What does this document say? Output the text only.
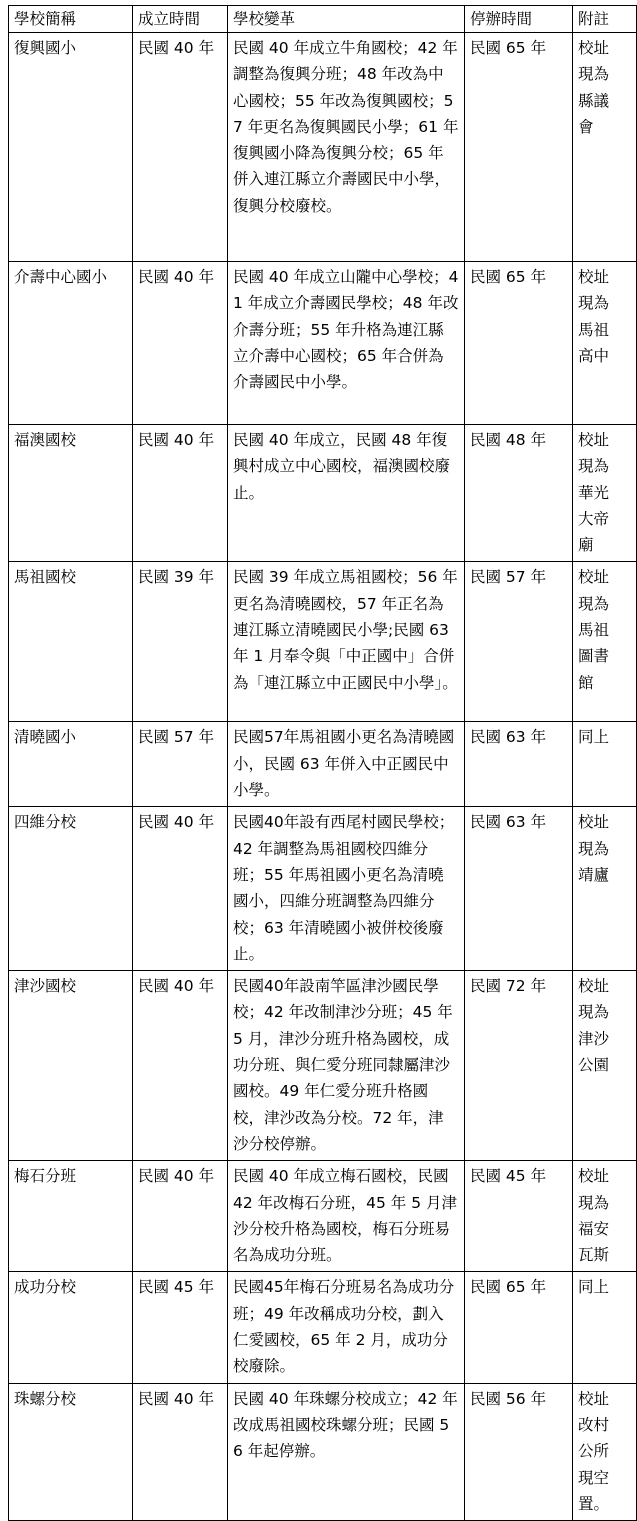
學校簡稱	成立時間	學校變革	停辦時間	附註
復興國小	民國 40 年	民國 40 年成立牛角國校；42 年調整為復興分班；48 年改為中心國校；55 年改為復興國校；57 年更名為復興國民小學；61 年復興國小降為復興分校；65 年併入連江縣立介壽國民中小學，復興分校廢校。	民國 65 年	校址現為縣議會
介壽中心國小	民國 40 年	民國 40 年成立山隴中心學校；41 年成立介壽國民學校；48 年改介壽分班；55 年升格為連江縣立介壽中心國校；65 年合併為介壽國民中小學。	民國 65 年	校址現為馬祖高中
福澳國校	民國 40 年	民國 40 年成立，民國 48 年復興村成立中心國校，福澳國校廢止。	民國 48 年	校址現為華光大帝廟
馬祖國校	民國 39 年	民國 39 年成立馬祖國校；56 年更名為清曉國校，57 年正名為連江縣立清曉國民小學;民國 63 年 1 月奉令與「中正國中」合併為「連江縣立中正國民中小學」。	民國 57 年	校址現為馬祖圖書館
清曉國小	民國 57 年	民國57年馬祖國小更名為清曉國小，民國 63 年併入中正國民中小學。	民國 63 年	同上
四維分校	民國 40 年	民國40年設有西尾村國民學校；42 年調整為馬祖國校四維分班；55 年馬祖國小更名為清曉國小，四維分班調整為四維分校；63 年清曉國小被併校後廢止。	民國 63 年	校址現為靖廬
津沙國校	民國 40 年	民國40年設南竿區津沙國民學校；42 年改制津沙分班；45 年 5 月，津沙分班升格為國校，成功分班、與仁愛分班同隸屬津沙國校。49 年仁愛分班升格國校，津沙改為分校。72 年，津沙分校停辦。	民國 72 年	校址現為津沙公園
梅石分班	民國 40 年	民國 40 年成立梅石國校，民國 42 年改梅石分班，45 年 5 月津沙分校升格為國校，梅石分班易名為成功分班。	民國 45 年	校址現為福安瓦斯
成功分校	民國 45 年	民國45年梅石分班易名為成功分班；49 年改稱成功分校，劃入仁愛國校，65 年 2 月，成功分校廢除。	民國 65 年	同上
珠螺分校	民國 40 年	民國 40 年珠螺分校成立；42 年改成馬祖國校珠螺分班；民國 56 年起停辦。	民國 56 年	校址改村公所現空置。
